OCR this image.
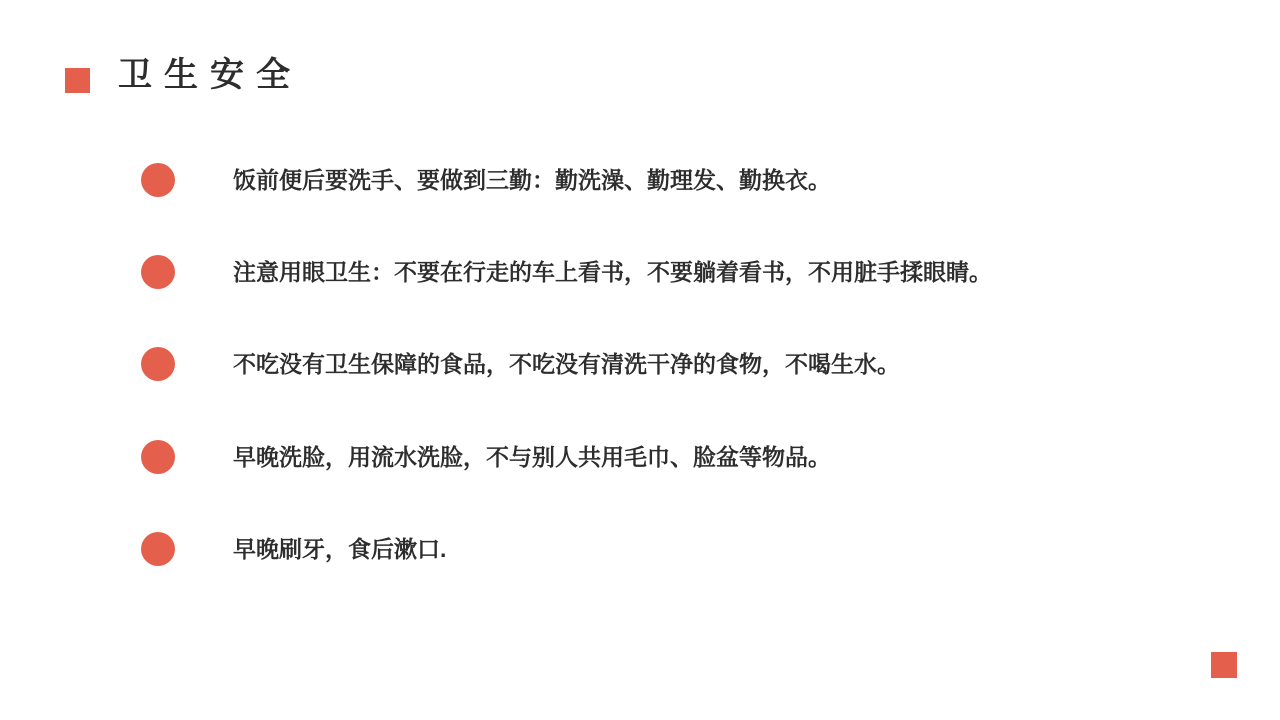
卫生安全
饭前便后要洗手、要做到三勤：勤洗澡、勤理发、勤换衣。
注意用眼卫生：不要在行走的车上看书，不要躺着看书，不用脏手揉眼睛。
不吃没有卫生保障的食品，不吃没有清洗干净的食物，不喝生水。
早晚洗脸，用流水洗脸，不与别人共用毛巾、脸盆等物品。
早晚刷牙，食后漱口.
